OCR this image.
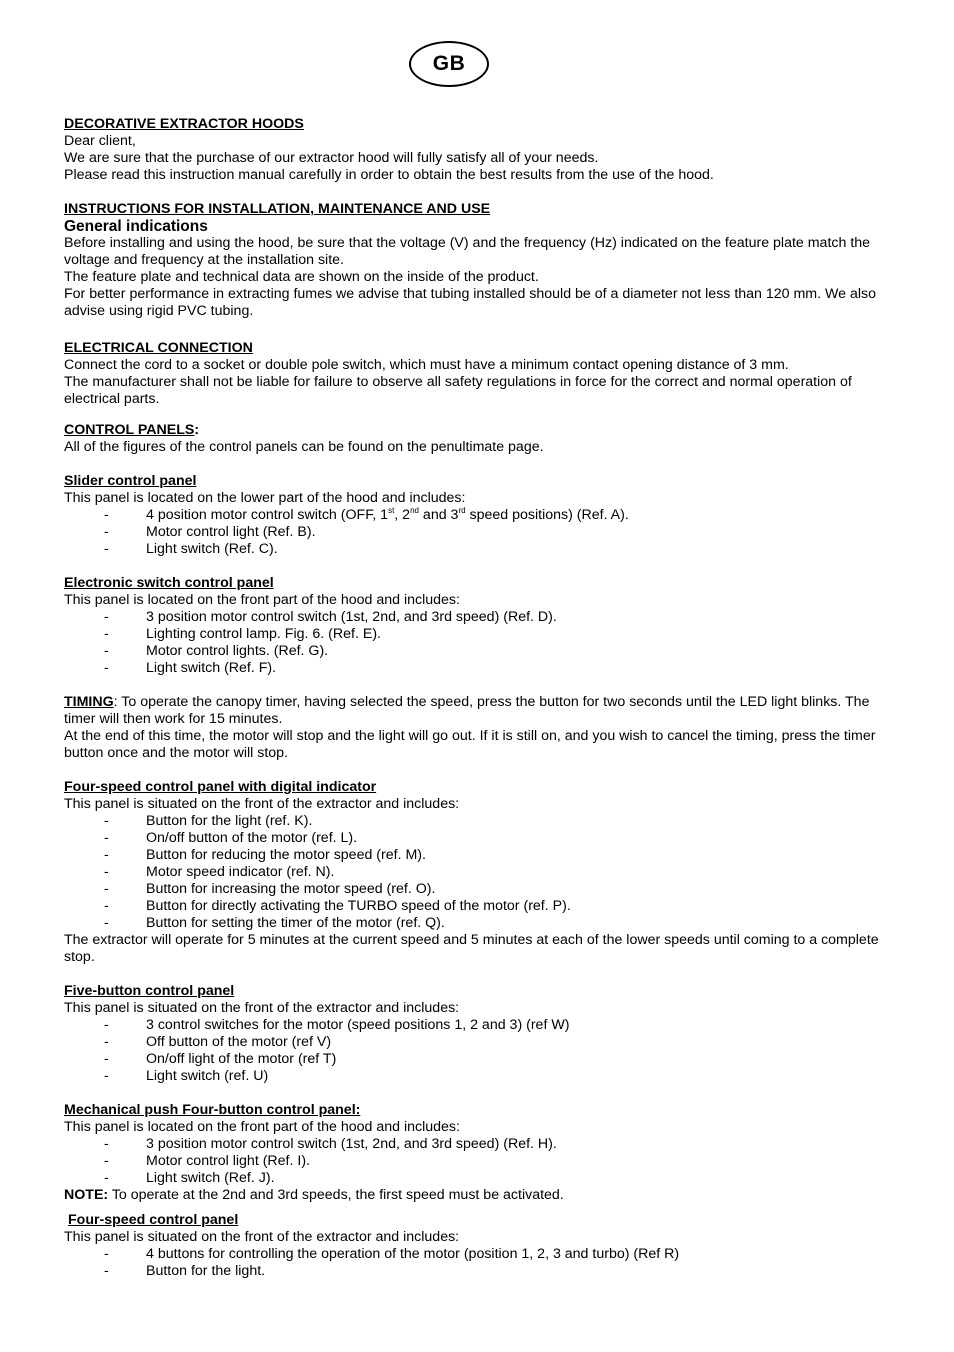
GB

DECORATIVE EXTRACTOR HOODS

Dear client,

We are sure that the purchase of our extractor hood will fully satisfy all of your needs.

Please read this instruction manual carefully in order to obtain the best results from the use of the hood.

INSTRUCTIONS FOR INSTALLATION, MAINTENANCE AND USE

General indications

Before installing and using the hood, be sure that the voltage (V) and the frequency (Hz) indicated on the feature plate match the voltage and frequency at the installation site.

The feature plate and technical data are shown on the inside of the product.

For better performance in extracting fumes we advise that tubing installed should be of a diameter not less than 120 mm. We also advise using rigid PVC tubing.

ELECTRICAL CONNECTION

Connect the cord to a socket or double pole switch, which must have a minimum contact opening distance of 3 mm.

The manufacturer shall not be liable for failure to observe all safety regulations in force for the correct and normal operation of electrical parts.

CONTROL PANELS:

All of the figures of the control panels can be found on the penultimate page.

Slider control panel

This panel is located on the lower part of the hood and includes:

-	4 position motor control switch (OFF, 1st, 2nd and 3rd speed positions) (Ref. A).
-	Motor control light (Ref. B).
-	Light switch (Ref. C).

Electronic switch control panel

This panel is located on the front part of the hood and includes:

-	3 position motor control switch (1st, 2nd, and 3rd speed) (Ref. D).
-	Lighting control lamp. Fig. 6. (Ref. E).
-	Motor control lights. (Ref. G).
-	Light switch (Ref. F).

TIMING: To operate the canopy timer, having selected the speed, press the button for two seconds until the LED light blinks. The timer will then work for 15 minutes.

At the end of this time, the motor will stop and the light will go out. If it is still on, and you wish to cancel the timing, press the timer button once and the motor will stop.

Four-speed control panel with digital indicator

This panel is situated on the front of the extractor and includes:

-	Button for the light (ref. K).
-	On/off button of the motor (ref. L).
-	Button for reducing the motor speed (ref. M).
-	Motor speed indicator (ref. N).
-	Button for increasing the motor speed (ref. O).
-	Button for directly activating the TURBO speed of the motor (ref. P).
-	Button for setting the timer of the motor (ref. Q).

The extractor will operate for 5 minutes at the current speed and 5 minutes at each of the lower speeds until coming to a complete stop.

Five-button control panel

This panel is situated on the front of the extractor and includes:

-	3 control switches for the motor (speed positions 1, 2 and 3) (ref W)
-	Off button of the motor (ref V)
-	On/off light of the motor (ref T)
-	Light switch (ref. U)

Mechanical push Four-button control panel:

This panel is located on the front part of the hood and includes:

-	3 position motor control switch (1st, 2nd, and 3rd speed) (Ref. H).
-	Motor control light (Ref. I).
-	Light switch (Ref. J).

NOTE: To operate at the 2nd and 3rd speeds, the first speed must be activated.

Four-speed control panel

This panel is situated on the front of the extractor and includes:

-	4 buttons for controlling the operation of the motor (position 1, 2, 3 and turbo) (Ref R)
-	Button for the light.
